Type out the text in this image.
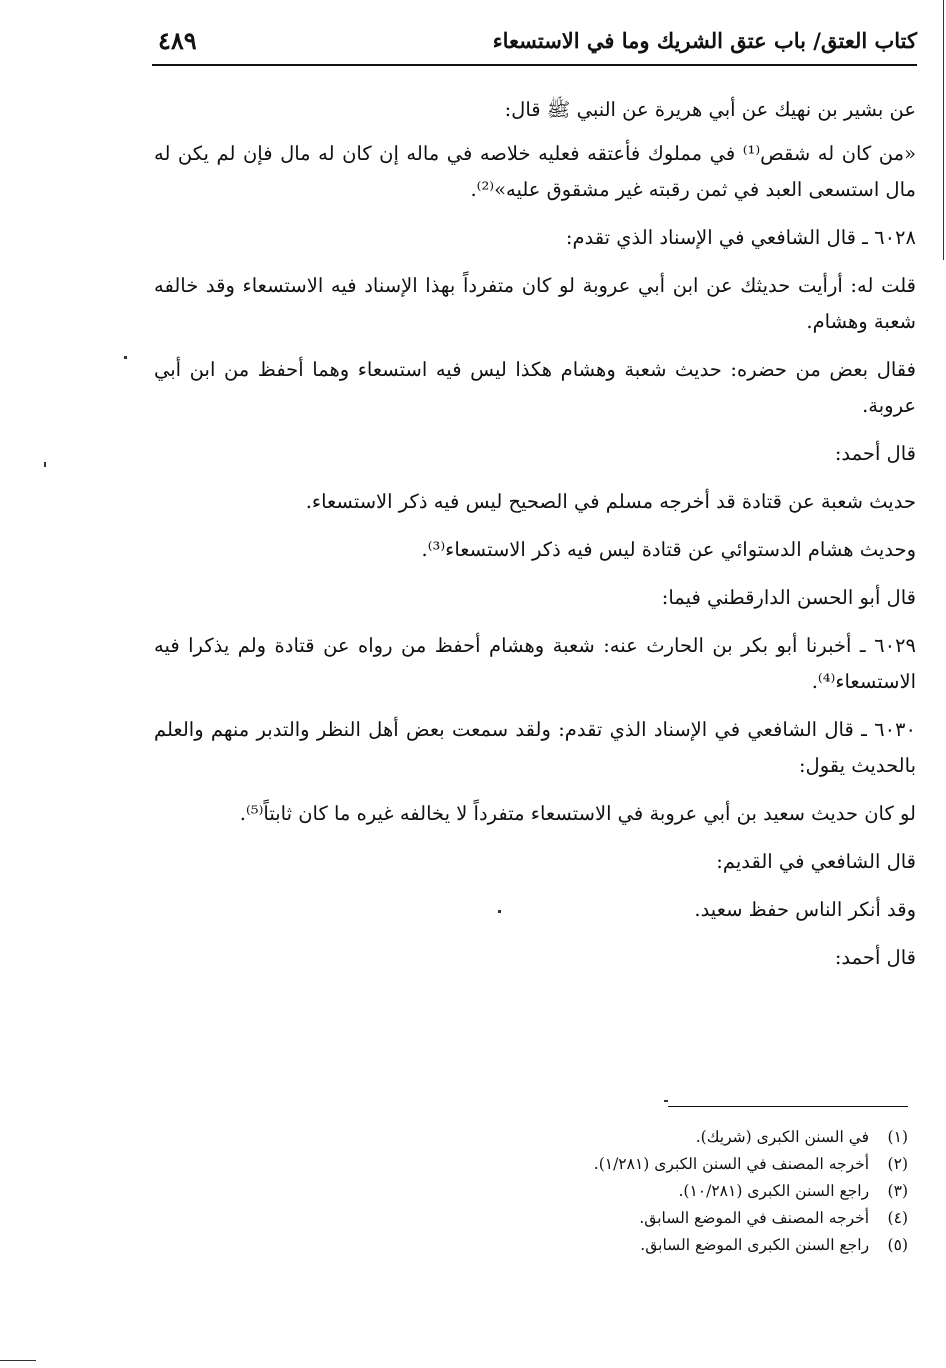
كتاب العتق/ باب عتق الشريك وما في الاستسعاء
٤٨٩

عن بشير بن نهيك عن أبي هريرة عن النبي ﷺ قال:

«من كان له شقص⁽¹⁾ في مملوك فأعتقه فعليه خلاصه في ماله إن كان له مال فإن لم يكن له مال استسعى العبد في ثمن رقبته غير مشقوق عليه»⁽²⁾.

٦٠٢٨ ـ قال الشافعي في الإسناد الذي تقدم:

قلت له: أرأيت حديثك عن ابن أبي عروبة لو كان متفرداً بهذا الإسناد فيه الاستسعاء وقد خالفه شعبة وهشام.

فقال بعض من حضره: حديث شعبة وهشام هكذا ليس فيه استسعاء وهما أحفظ من ابن أبي عروبة.

قال أحمد:

حديث شعبة عن قتادة قد أخرجه مسلم في الصحيح ليس فيه ذكر الاستسعاء.

وحديث هشام الدستوائي عن قتادة ليس فيه ذكر الاستسعاء⁽³⁾.

قال أبو الحسن الدارقطني فيما:

٦٠٢٩ ـ أخبرنا أبو بكر بن الحارث عنه: شعبة وهشام أحفظ من رواه عن قتادة ولم يذكرا فيه الاستسعاء⁽⁴⁾.

٦٠٣٠ ـ قال الشافعي في الإسناد الذي تقدم: ولقد سمعت بعض أهل النظر والتدبر منهم والعلم بالحديث يقول:

لو كان حديث سعيد بن أبي عروبة في الاستسعاء متفرداً لا يخالفه غيره ما كان ثابتاً⁽⁵⁾.

قال الشافعي في القديم:

وقد أنكر الناس حفظ سعيد.

قال أحمد:

(١) في السنن الكبرى (شريك).
(٢) أخرجه المصنف في السنن الكبرى (١/٢٨١).
(٣) راجع السنن الكبرى (١٠/٢٨١).
(٤) أخرجه المصنف في الموضع السابق.
(٥) راجع السنن الكبرى الموضع السابق.
